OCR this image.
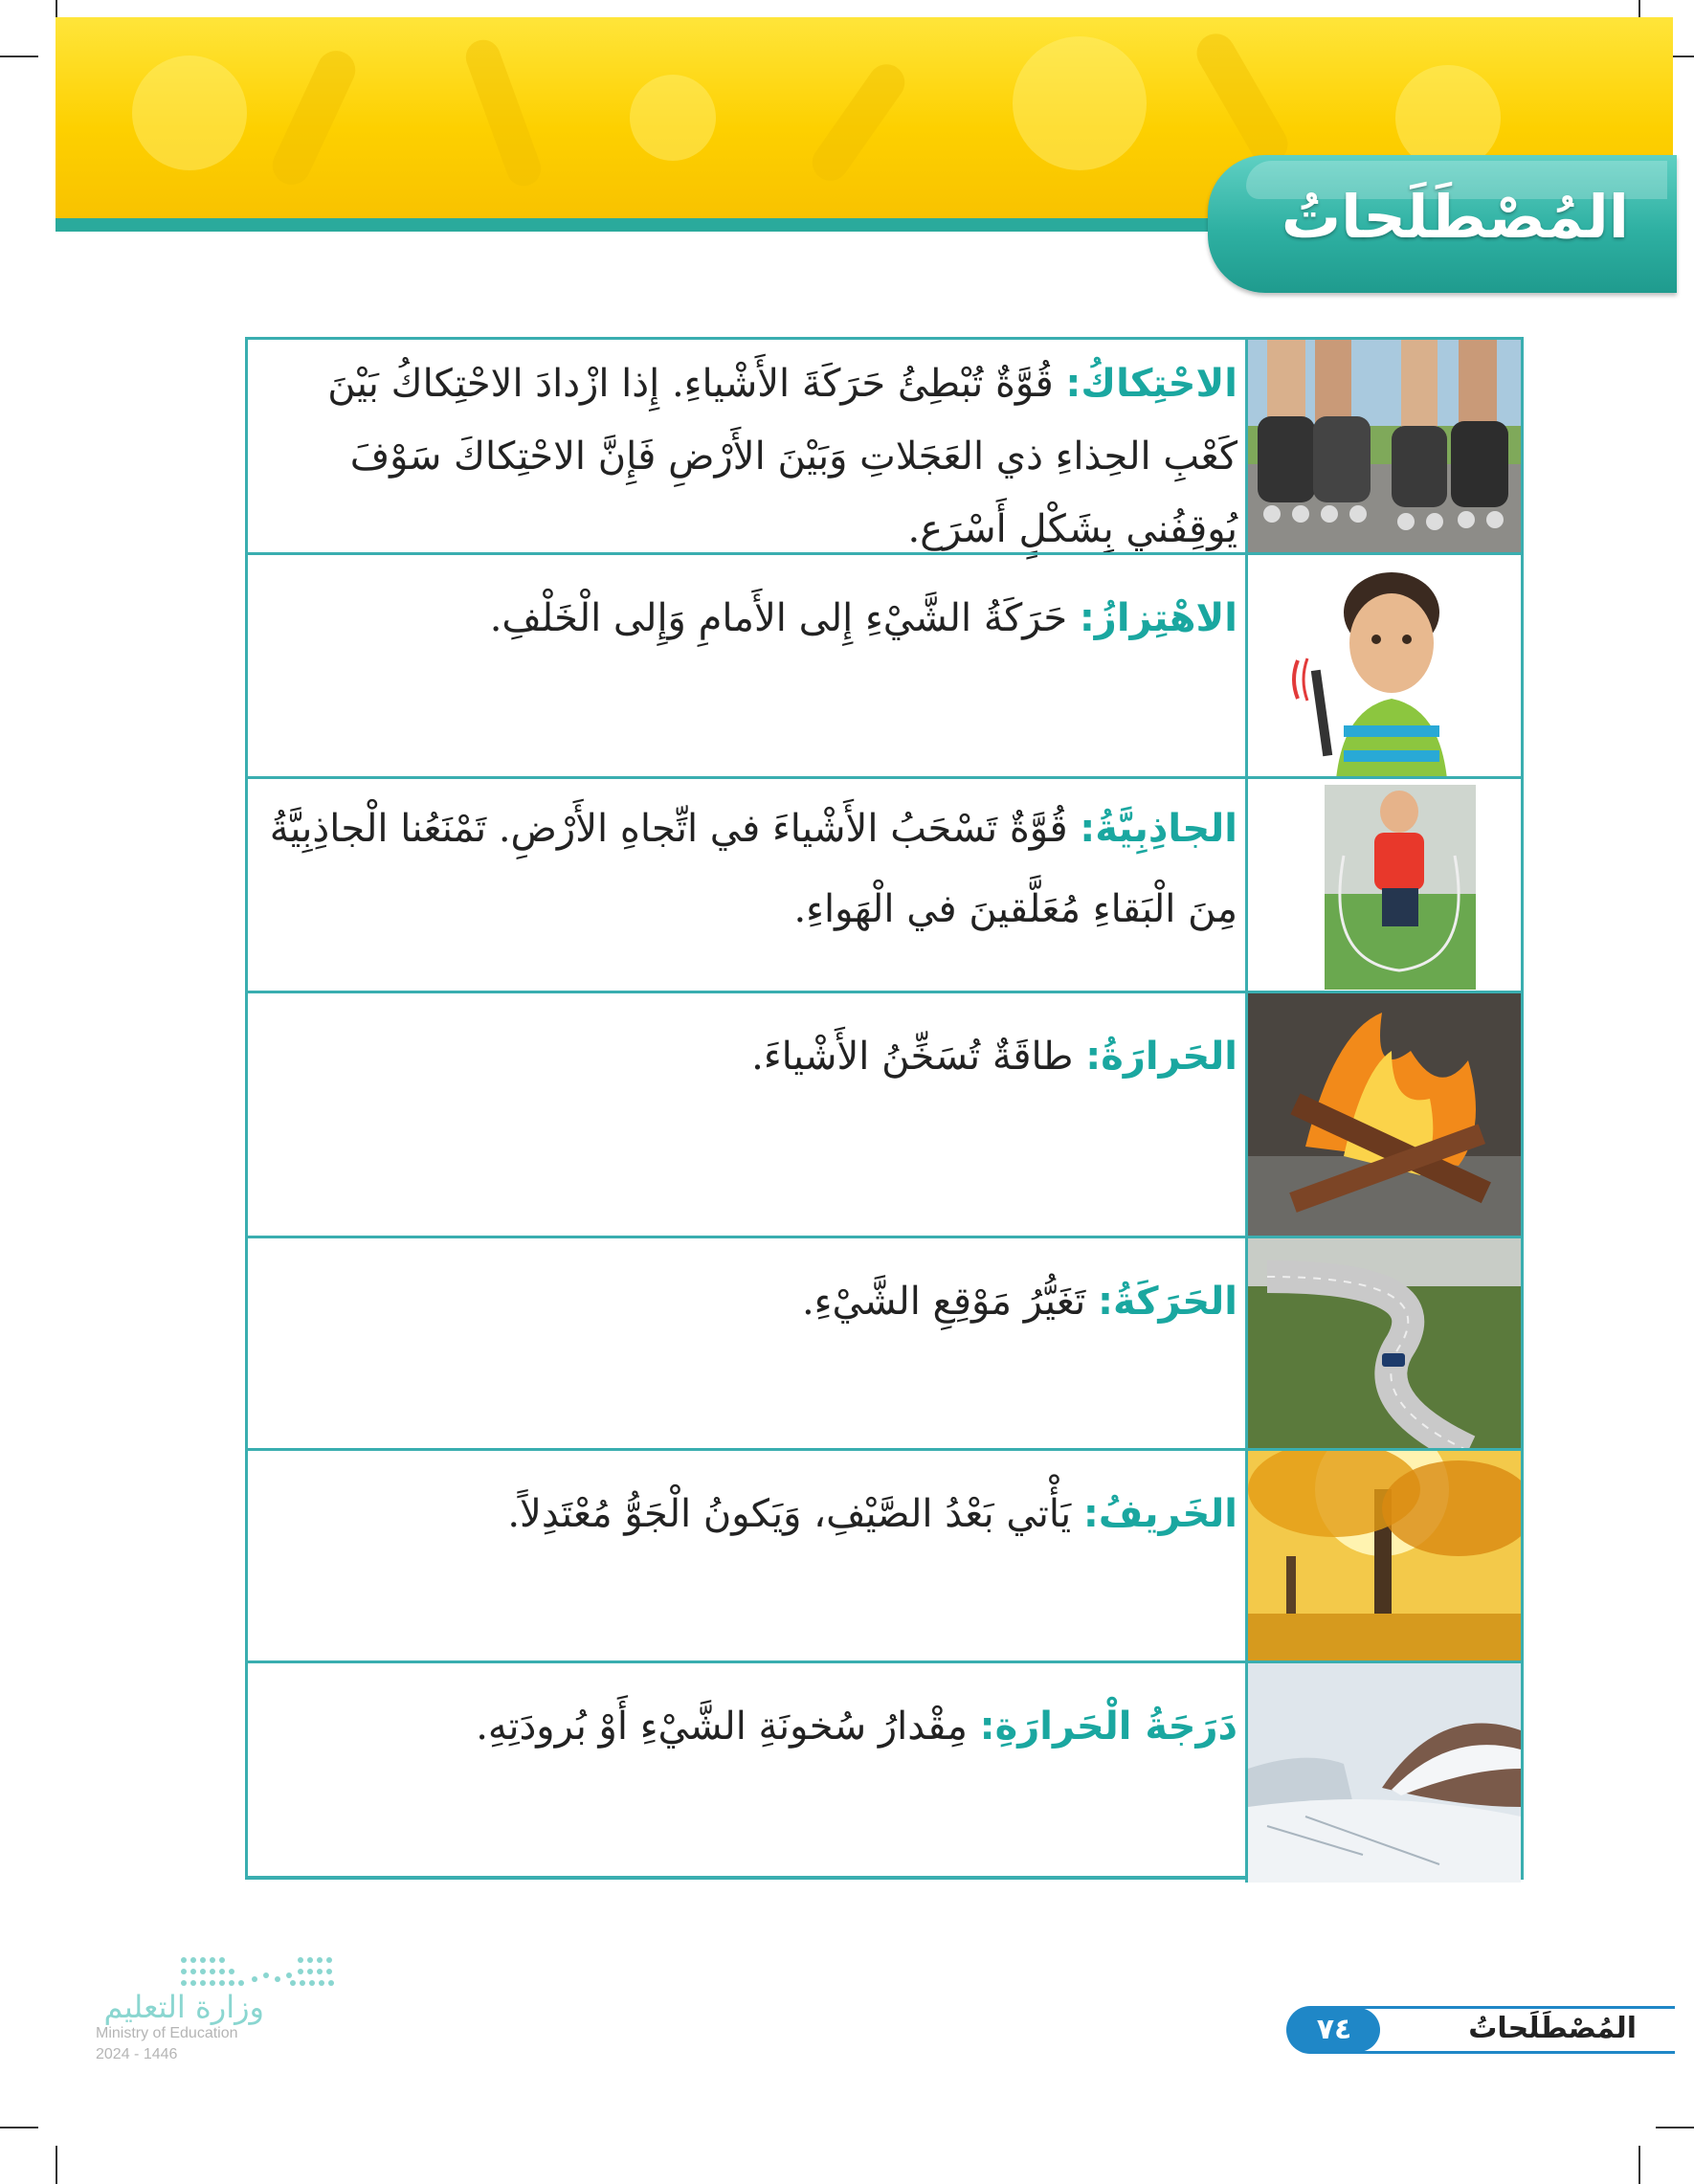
المُصْطَلَحاتُ
الاحْتِكاكُ: قُوَّةٌ تُبْطِئُ حَرَكَةَ الأَشْياءِ. إِذا ازْدادَ الاحْتِكاكُ بَيْنَ كَعْبِ الحِذاءِ ذي العَجَلاتِ وَبَيْنَ الأَرْضِ فَإِنَّ الاحْتِكاكَ سَوْفَ يُوقِفُني بِشَكْلٍ أَسْرَع.
الاهْتِزازُ: حَرَكَةُ الشَّيْءِ إِلى الأَمامِ وَإِلى الْخَلْفِ.
الجاذِبِيَّةُ: قُوَّةٌ تَسْحَبُ الأَشْياءَ في اتِّجاهِ الأَرْضِ. تَمْنَعُنا الْجاذِبِيَّةُ مِنَ الْبَقاءِ مُعَلَّقينَ في الْهَواءِ.
الحَرارَةُ: طاقَةٌ تُسَخِّنُ الأَشْياءَ.
الحَرَكَةُ: تَغَيُّرُ مَوْقِعِ الشَّيْءِ.
الخَريفُ: يَأْتي بَعْدُ الصَّيْفِ، وَيَكونُ الْجَوُّ مُعْتَدِلاً.
دَرَجَةُ الْحَرارَةِ: مِقْدارُ سُخونَةِ الشَّيْءِ أَوْ بُرودَتِهِ.
٧٤	المُصْطَلَحاتُ
وزارة التعليم
Ministry of Education
2024 - 1446
